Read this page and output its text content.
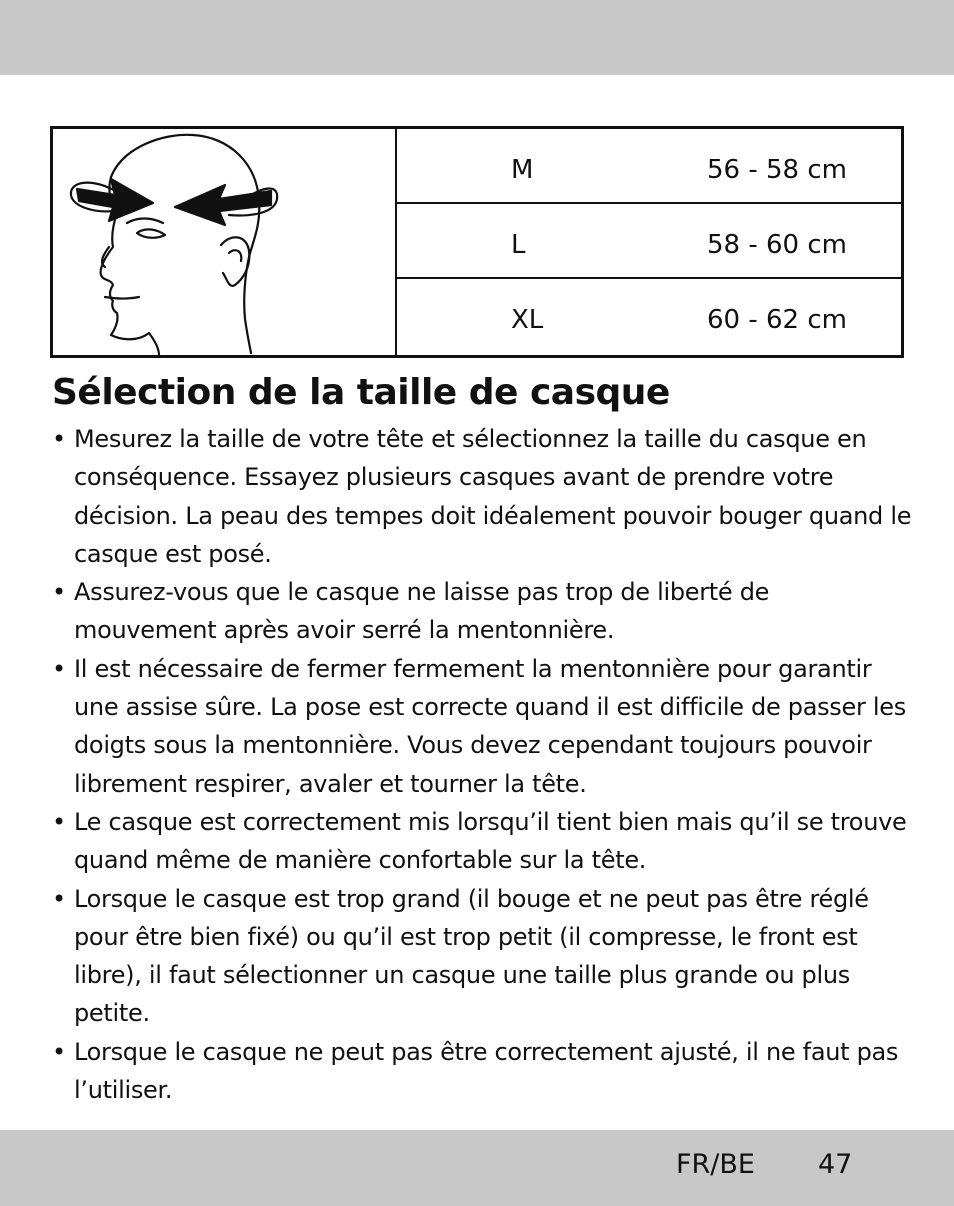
M	56 - 58 cm
L	58 - 60 cm
XL	60 - 62 cm
Sélection de la taille de casque
• Mesurez la taille de votre tête et sélectionnez la taille du casque en conséquence. Essayez plusieurs casques avant de prendre votre décision. La peau des tempes doit idéalement pouvoir bouger quand le casque est posé.
• Assurez-vous que le casque ne laisse pas trop de liberté de mouvement après avoir serré la mentonnière.
• Il est nécessaire de fermer fermement la mentonnière pour garantir une assise sûre. La pose est correcte quand il est difficile de passer les doigts sous la mentonnière. Vous devez cependant toujours pouvoir librement respirer, avaler et tourner la tête.
• Le casque est correctement mis lorsqu’il tient bien mais qu’il se trouve quand même de manière confortable sur la tête.
• Lorsque le casque est trop grand (il bouge et ne peut pas être réglé pour être bien fixé) ou qu’il est trop petit (il compresse, le front est libre), il faut sélectionner un casque une taille plus grande ou plus petite.
• Lorsque le casque ne peut pas être correctement ajusté, il ne faut pas l’utiliser.
FR/BE 47
